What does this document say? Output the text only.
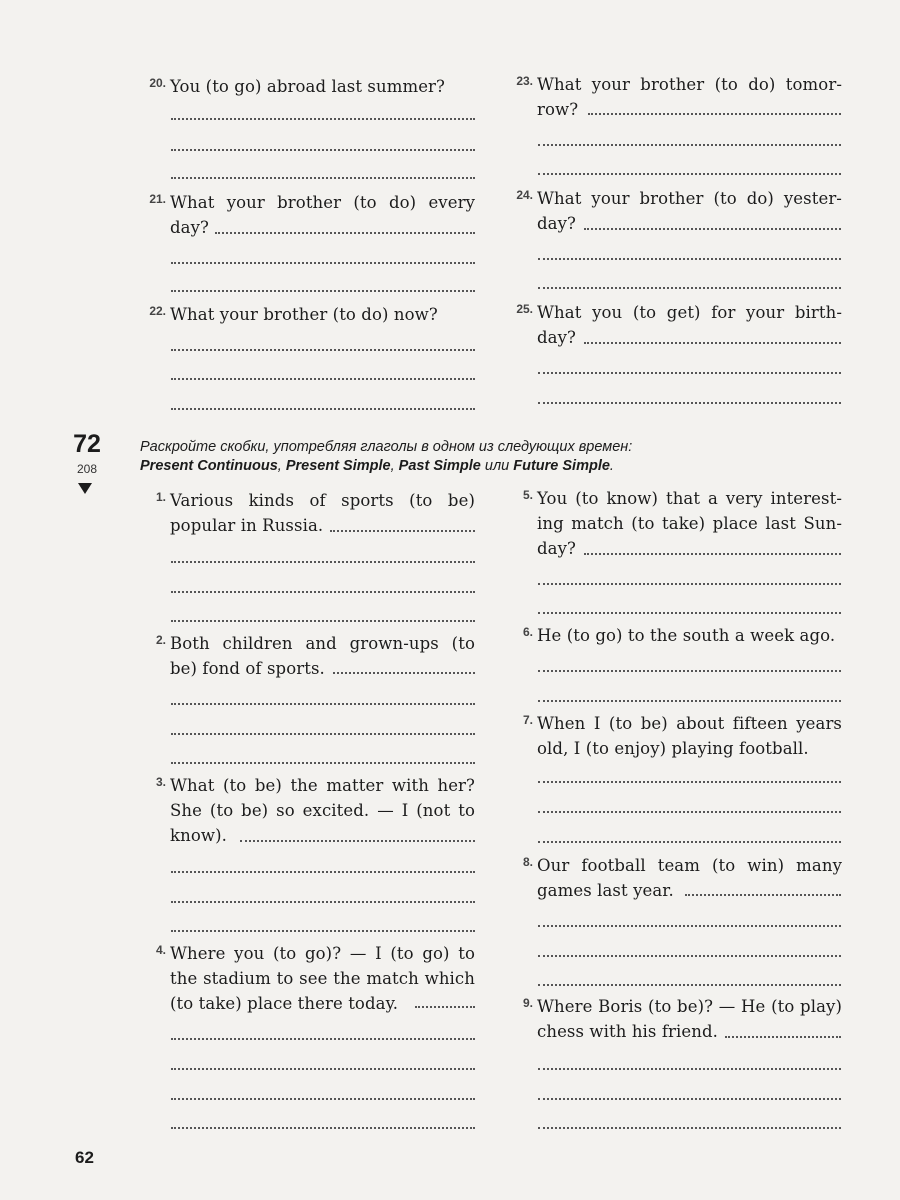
20. You (to go) abroad last summer?
21. What your brother (to do) every day?
22. What your brother (to do) now?
23. What your brother (to do) tomor-row?
24. What your brother (to do) yester-day?
25. What you (to get) for your birth-day?
72
208
Раскройте скобки, употребляя глаголы в одном из следующих времен:
Present Continuous, Present Simple, Past Simple или Future Simple.
1. Various kinds of sports (to be) popular in Russia.
2. Both children and grown-ups (to be) fond of sports.
3. What (to be) the matter with her? She (to be) so excited. — I (not to know).
4. Where you (to go)? — I (to go) to the stadium to see the match which (to take) place there today.
5. You (to know) that a very interest-ing match (to take) place last Sun-day?
6. He (to go) to the south a week ago.
7. When I (to be) about fifteen years old, I (to enjoy) playing football.
8. Our football team (to win) many games last year.
9. Where Boris (to be)? — He (to play) chess with his friend.
62
